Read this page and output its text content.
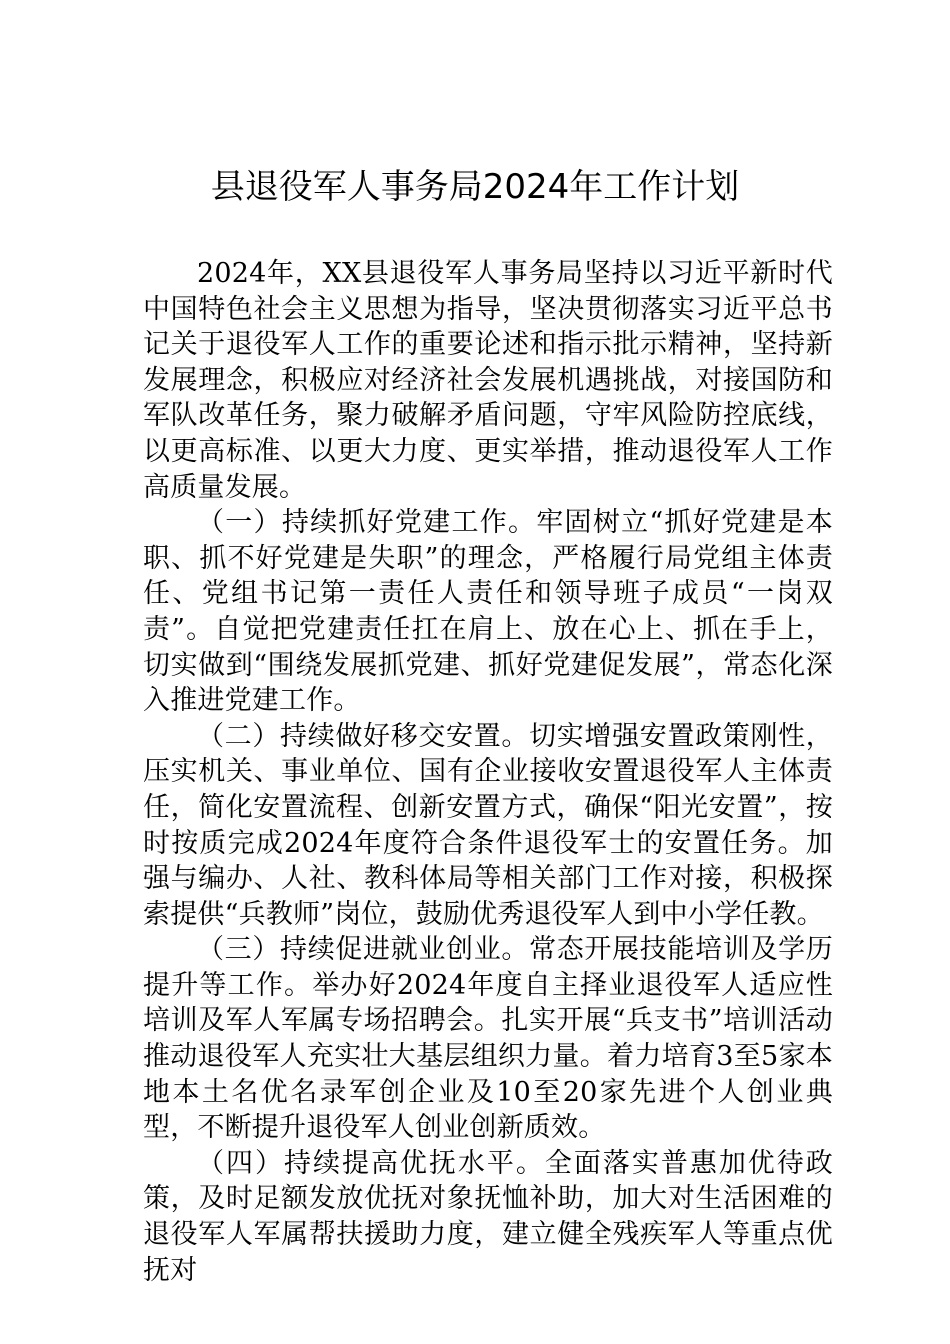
县退役军人事务局2024年工作计划

2024年，XX县退役军人事务局坚持以习近平新时代中国特色社会主义思想为指导，坚决贯彻落实习近平总书记关于退役军人工作的重要论述和指示批示精神，坚持新发展理念，积极应对经济社会发展机遇挑战，对接国防和军队改革任务，聚力破解矛盾问题，守牢风险防控底线，以更高标准、以更大力度、更实举措，推动退役军人工作高质量发展。

（一）持续抓好党建工作。牢固树立“抓好党建是本职、抓不好党建是失职”的理念，严格履行局党组主体责任、党组书记第一责任人责任和领导班子成员“一岗双责”。自觉把党建责任扛在肩上、放在心上、抓在手上，切实做到“围绕发展抓党建、抓好党建促发展”，常态化深入推进党建工作。

（二）持续做好移交安置。切实增强安置政策刚性，压实机关、事业单位、国有企业接收安置退役军人主体责任，简化安置流程、创新安置方式，确保“阳光安置”，按时按质完成2024年度符合条件退役军士的安置任务。加强与编办、人社、教科体局等相关部门工作对接，积极探索提供“兵教师”岗位，鼓励优秀退役军人到中小学任教。

（三）持续促进就业创业。常态开展技能培训及学历提升等工作。举办好2024年度自主择业退役军人适应性培训及军人军属专场招聘会。扎实开展“兵支书”培训活动推动退役军人充实壮大基层组织力量。着力培育3至5家本地本土名优名录军创企业及10至20家先进个人创业典型，不断提升退役军人创业创新质效。

（四）持续提高优抚水平。全面落实普惠加优待政策，及时足额发放优抚对象抚恤补助，加大对生活困难的退役军人军属帮扶援助力度，建立健全残疾军人等重点优抚对
